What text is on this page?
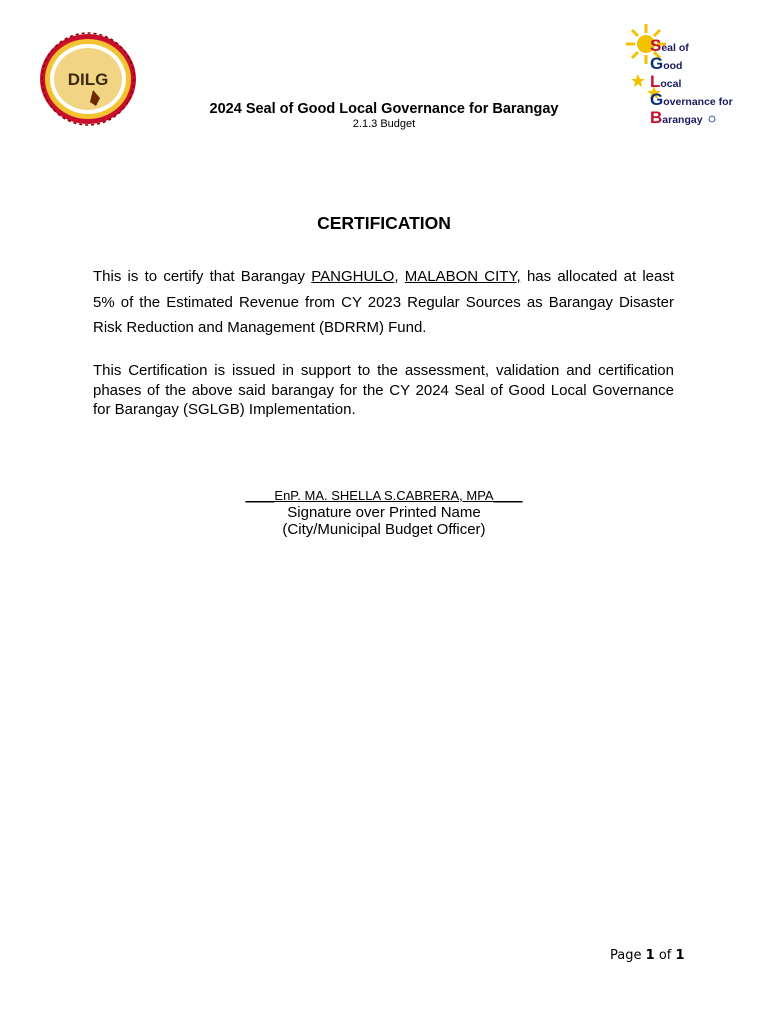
DILG
Seal of
Good
Local
Governance for
Barangay
2024 Seal of Good Local Governance for Barangay
2.1.3 Budget
CERTIFICATION
This is to certify that Barangay PANGHULO, MALABON CITY, has allocated at least 5% of the Estimated Revenue from CY 2023 Regular Sources as Barangay Disaster Risk Reduction and Management (BDRRM) Fund.
This Certification is issued in support to the assessment, validation and certification phases of the above said barangay for the CY 2024 Seal of Good Local Governance for Barangay (SGLGB) Implementation.
____EnP. MA. SHELLA S.CABRERA, MPA____
Signature over Printed Name
(City/Municipal Budget Officer)
Page 1 of 1
